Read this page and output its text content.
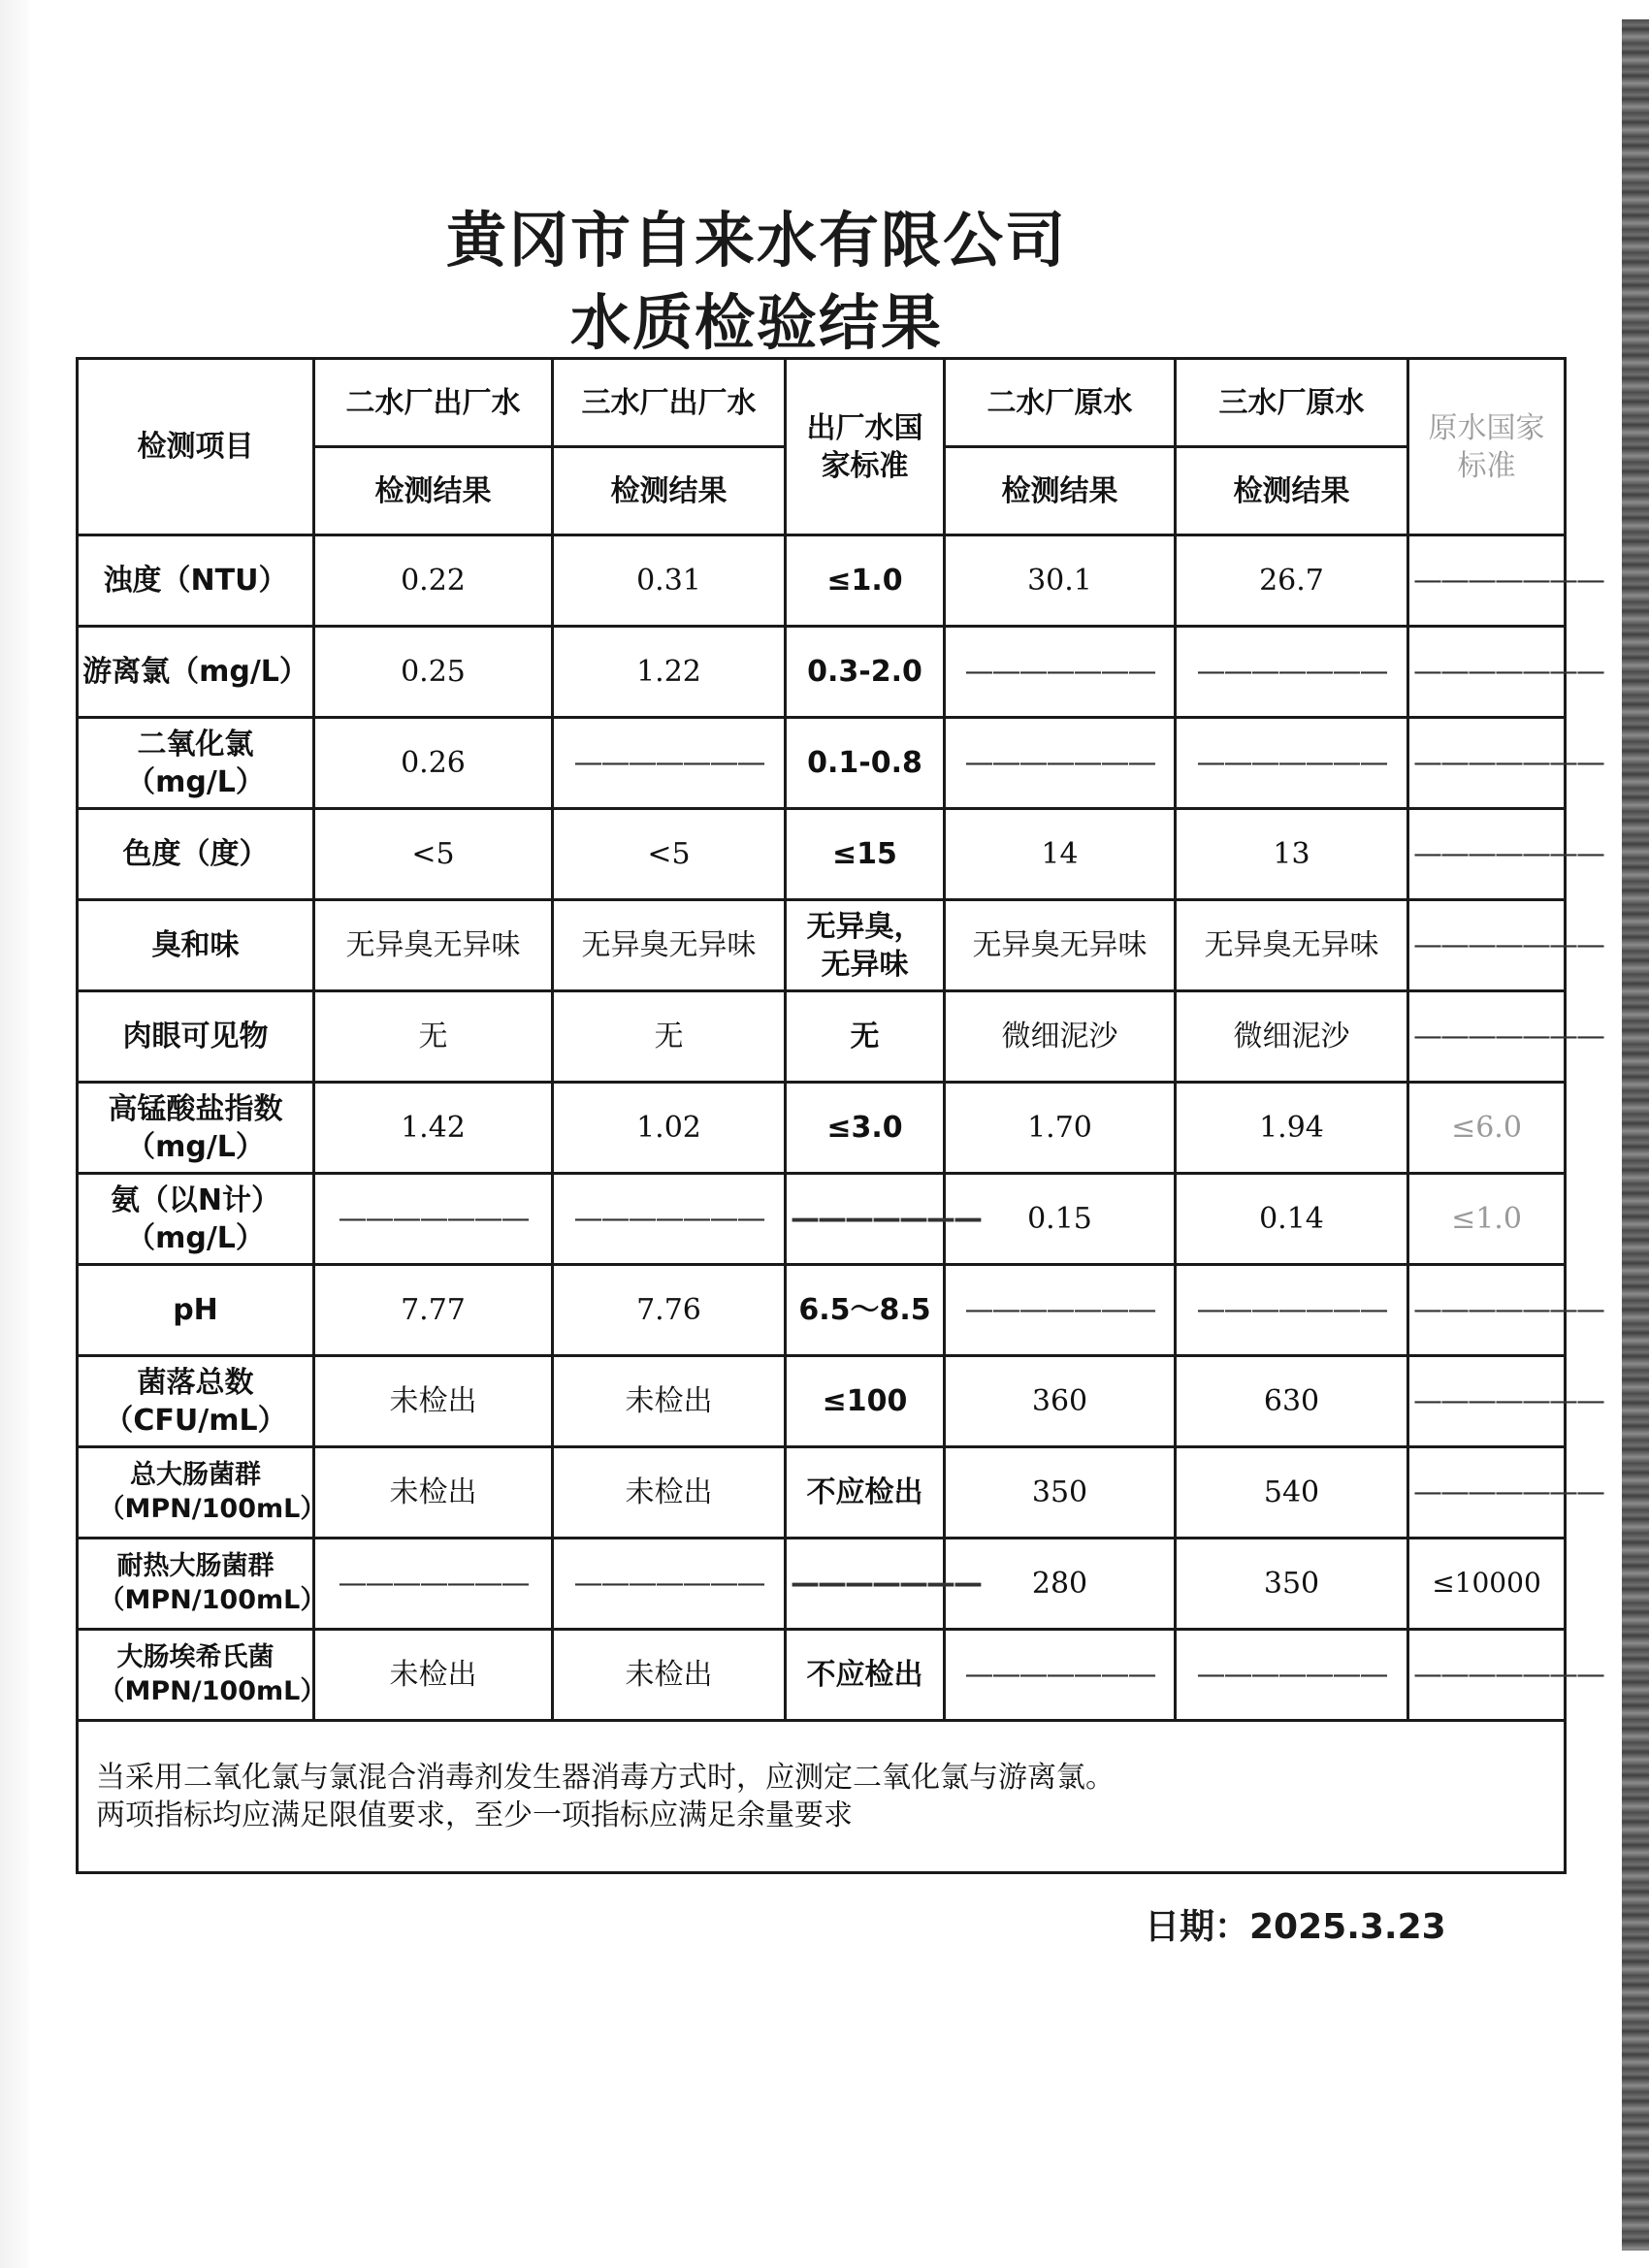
黄冈市自来水有限公司
水质检验结果
检测项目	二水厂出厂水	三水厂出厂水	出厂水国家标准	二水厂原水	三水厂原水	原水国家标准
	检测结果	检测结果		检测结果	检测结果	
浊度（NTU）	0.22	0.31	≤1.0	30.1	26.7	———————
游离氯（mg/L）	0.25	1.22	0.3-2.0	———————	———————	———————
二氧化氯（mg/L）	0.26	———————	0.1-0.8	———————	———————	———————
色度（度）	<5	<5	≤15	14	13	———————
臭和味	无异臭无异味	无异臭无异味	无异臭，无异味	无异臭无异味	无异臭无异味	———————
肉眼可见物	无	无	无	微细泥沙	微细泥沙	———————
高锰酸盐指数（mg/L）	1.42	1.02	≤3.0	1.70	1.94	≤6.0
氨（以N计）（mg/L）	———————	———————	———————	0.15	0.14	≤1.0
pH	7.77	7.76	6.5～8.5	———————	———————	———————
菌落总数（CFU/mL）	未检出	未检出	≤100	360	630	———————
总大肠菌群（MPN/100mL）	未检出	未检出	不应检出	350	540	———————
耐热大肠菌群（MPN/100mL）	———————	———————	———————	280	350	≤10000
大肠埃希氏菌（MPN/100mL）	未检出	未检出	不应检出	———————	———————	———————

当采用二氧化氯与氯混合消毒剂发生器消毒方式时，应测定二氧化氯与游离氯。
两项指标均应满足限值要求，至少一项指标应满足余量要求						
日期：2025.3.23
